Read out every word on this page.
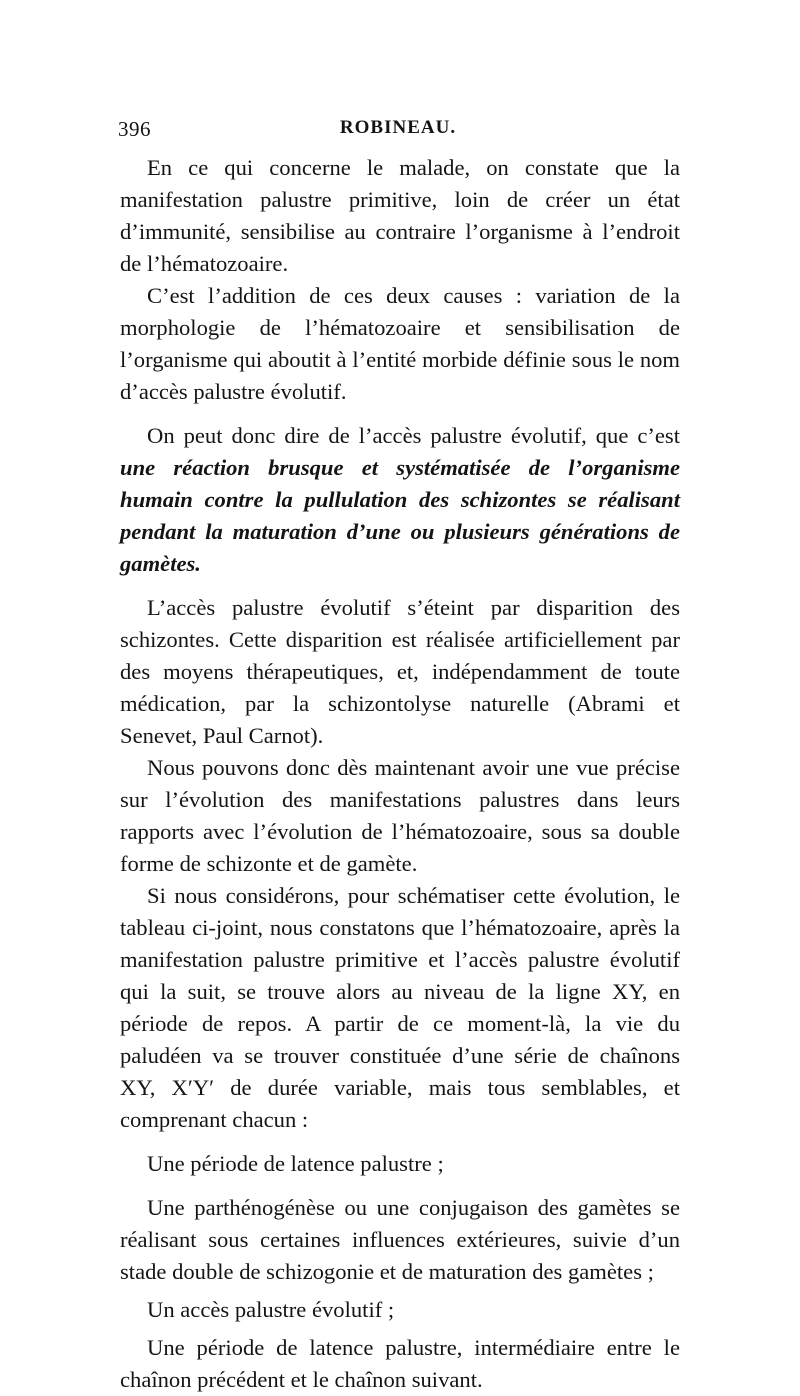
396	ROBINEAU.

En ce qui concerne le malade, on constate que la manifestation palustre primitive, loin de créer un état d’immunité, sensibilise au contraire l’organisme à l’endroit de l’hématozoaire.

C’est l’addition de ces deux causes : variation de la morphologie de l’hématozoaire et sensibilisation de l’organisme qui aboutit à l’entité morbide définie sous le nom d’accès palustre évolutif.

On peut donc dire de l’accès palustre évolutif, que c’est une réaction brusque et systématisée de l’organisme humain contre la pullulation des schizontes se réalisant pendant la maturation d’une ou plusieurs générations de gamètes.

L’accès palustre évolutif s’éteint par disparition des schizontes. Cette disparition est réalisée artificiellement par des moyens thérapeutiques, et, indépendamment de toute médication, par la schizontolyse naturelle (Abrami et Senevet, Paul Carnot).

Nous pouvons donc dès maintenant avoir une vue précise sur l’évolution des manifestations palustres dans leurs rapports avec l’évolution de l’hématozoaire, sous sa double forme de schizonte et de gamète.

Si nous considérons, pour schématiser cette évolution, le tableau ci-joint, nous constatons que l’hématozoaire, après la manifestation palustre primitive et l’accès palustre évolutif qui la suit, se trouve alors au niveau de la ligne XY, en période de repos. A partir de ce moment-là, la vie du paludéen va se trouver constituée d’une série de chaînons XY, X′Y′ de durée variable, mais tous semblables, et comprenant chacun :

Une période de latence palustre ;

Une parthénogénèse ou une conjugaison des gamètes se réalisant sous certaines influences extérieures, suivie d’un stade double de schizogonie et de maturation des gamètes ;

Un accès palustre évolutif ;

Une période de latence palustre, intermédiaire entre le chaînon précédent et le chaînon suivant.
